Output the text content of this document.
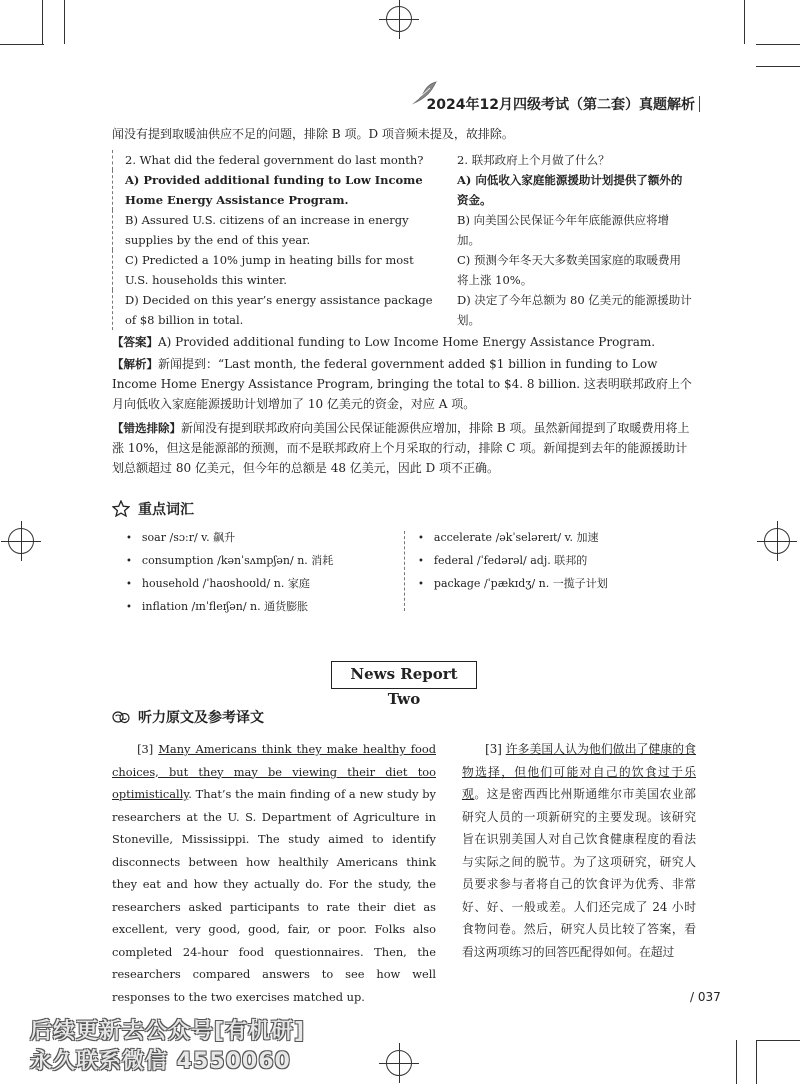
2024年12月四级考试（第二套）真题解析
闻没有提到取暖油供应不足的问题，排除 B 项。D 项音频未提及，故排除。
2. What did the federal government do last month?	2. 联邦政府上个月做了什么？
A) Provided additional funding to Low Income Home Energy Assistance Program.
A) 向低收入家庭能源援助计划提供了额外的资金。
B) Assured U.S. citizens of an increase in energy supplies by the end of this year.
B) 向美国公民保证今年年底能源供应将增加。
C) Predicted a 10% jump in heating bills for most U.S. households this winter.
C) 预测今年冬天大多数美国家庭的取暖费用将上涨 10%。
D) Decided on this year’s energy assistance package of $8 billion in total.
D) 决定了今年总额为 80 亿美元的能源援助计划。
【答案】A) Provided additional funding to Low Income Home Energy Assistance Program.
【解析】新闻提到：“Last month, the federal government added $1 billion in funding to Low Income Home Energy Assistance Program, bringing the total to $4. 8 billion. 这表明联邦政府上个月向低收入家庭能源援助计划增加了 10 亿美元的资金，对应 A 项。
【错选排除】新闻没有提到联邦政府向美国公民保证能源供应增加，排除 B 项。虽然新闻提到了取暖费用将上涨 10%，但这是能源部的预测，而不是联邦政府上个月采取的行动，排除 C 项。新闻提到去年的能源援助计划总额超过 80 亿美元，但今年的总额是 48 亿美元，因此 D 项不正确。
重点词汇
• soar /sɔːr/ v. 飙升
• consumption /kənˈsʌmpʃən/ n. 消耗
• household /ˈhaʊshoʊld/ n. 家庭
• inflation /ɪnˈfleɪʃən/ n. 通货膨胀
• accelerate /əkˈseləreɪt/ v. 加速
• federal /ˈfedərəl/ adj. 联邦的
• package /ˈpækɪdʒ/ n. 一揽子计划
News Report Two
听力原文及参考译文
[3] Many Americans think they make healthy food choices, but they may be viewing their diet too optimistically. That’s the main finding of a new study by researchers at the U. S. Department of Agriculture in Stoneville, Mississippi. The study aimed to identify disconnects between how healthily Americans think they eat and how they actually do. For the study, the researchers asked participants to rate their diet as excellent, very good, good, fair, or poor. Folks also completed 24-hour food questionnaires. Then, the researchers compared answers to see how well responses to the two exercises matched up.
[3] 许多美国人认为他们做出了健康的食物选择，但他们可能对自己的饮食过于乐观。这是密西西比州斯通维尔市美国农业部研究人员的一项新研究的主要发现。该研究旨在识别美国人对自己饮食健康程度的看法与实际之间的脱节。为了这项研究，研究人员要求参与者将自己的饮食评为优秀、非常好、好、一般或差。人们还完成了 24 小时食物问卷。然后，研究人员比较了答案，看看这两项练习的回答匹配得如何。在超过
/ 037
后续更新去公众号[有机研]
永久联系微信 4550060
